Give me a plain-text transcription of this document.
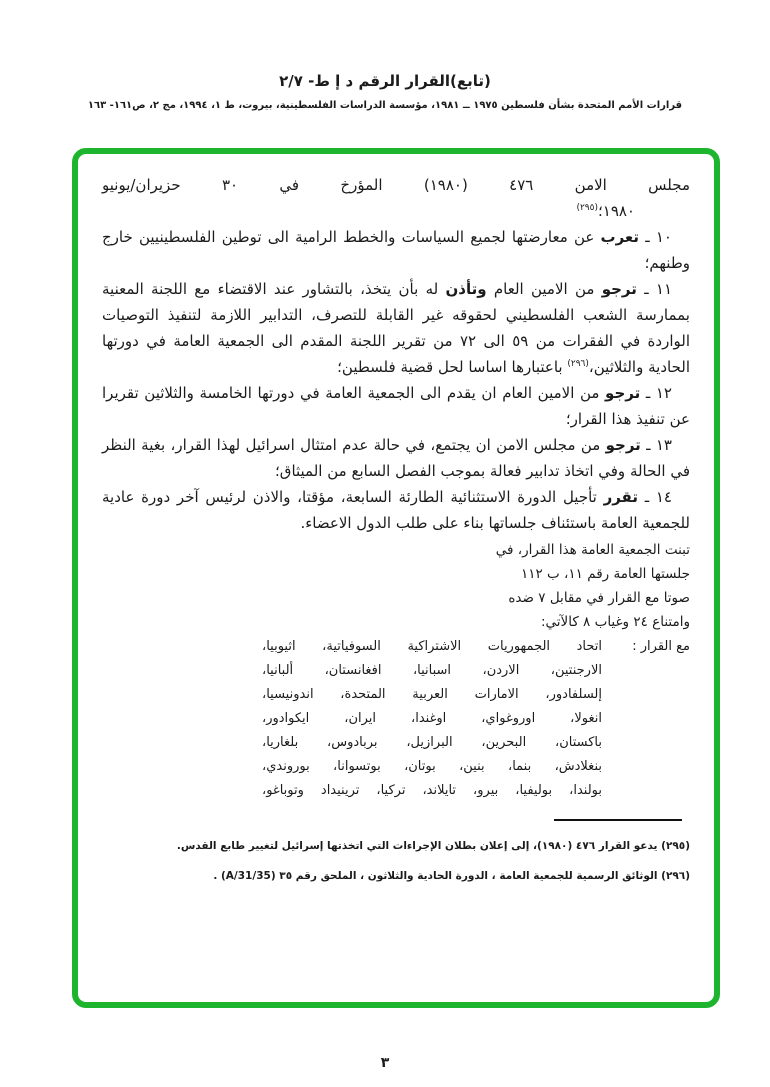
(تابع)القرار الرقم د إ ط- ٢/٧
قرارات الأمم المتحدة بشأن فلسطين ١٩٧٥ ــ ١٩٨١، مؤسسة الدراسات الفلسطينية، بيروت، ط ١، ١٩٩٤، مج ٢، ص١٦١- ١٦٣
مجلس الامن ٤٧٦ (١٩٨٠) المؤرخ في ٣٠ حزيران/يونيو
١٩٨٠؛$^{(٢٩٥)}$

١٠ ـ تعرب عن معارضتها لجميع السياسات والخطط الرامية الى توطين الفلسطينيين خارج وطنهم؛

١١ ـ ترجو من الامين العام وتأذن له بأن يتخذ، بالتشاور عند الاقتضاء مع اللجنة المعنية بممارسة الشعب الفلسطيني لحقوقه غير القابلة للتصرف، التدابير اللازمة لتنفيذ التوصيات الواردة في الفقرات من ٥٩ الى ٧٢ من تقرير اللجنة المقدم الى الجمعية العامة في دورتها الحادية والثلاثين،$^{(٢٩٦)}$ باعتبارها اساسا لحل قضية فلسطين؛

١٢ ـ ترجو من الامين العام ان يقدم الى الجمعية العامة في دورتها الخامسة والثلاثين تقريرا عن تنفيذ هذا القرار؛

١٣ ـ ترجو من مجلس الامن ان يجتمع، في حالة عدم امتثال اسرائيل لهذا القرار، بغية النظر في الحالة وفي اتخاذ تدابير فعالة بموجب الفصل السابع من الميثاق؛

١٤ ـ تقرر تأجيل الدورة الاستثنائية الطارئة السابعة، مؤقتا، والاذن لرئيس آخر دورة عادية للجمعية العامة باستئناف جلساتها بناء على طلب الدول الاعضاء.

تبنت الجمعية العامة هذا القرار، في
جلستها العامة رقم ١١، ب ١١٢
صوتا مع القرار في مقابل ٧ ضده
وامتناع ٢٤ وغياب ٨ كالآتي:
مع القرار :
اتحاد الجمهوريات الاشتراكية السوفياتية، اثيوبيا،
الارجنتين، الاردن، اسبانيا، افغانستان، ألبانيا،
إلسلفادور، الامارات العربية المتحدة، اندونيسيا،
انغولا، اوروغواي، اوغندا، ايران، ايكوادور،
باكستان، البحرين، البرازيل، بربادوس، بلغاريا،
بنغلادش، بنما، بنين، بوتان، بوتسوانا، بوروندي،
بولندا، بوليفيا، بيرو، تايلاند، تركيا، ترينيداد وتوباغو،
(٢٩٥) يدعو القرار ٤٧٦ (١٩٨٠)، إلى إعلان بطلان الإجراءات التي اتخذتها إسرائيل لتغيير طابع القدس.
(٢٩٦) الوثائق الرسمية للجمعية العامة ، الدورة الحادية والثلاثون ، الملحق رقم ٣٥ (A/31/35) .
٣
